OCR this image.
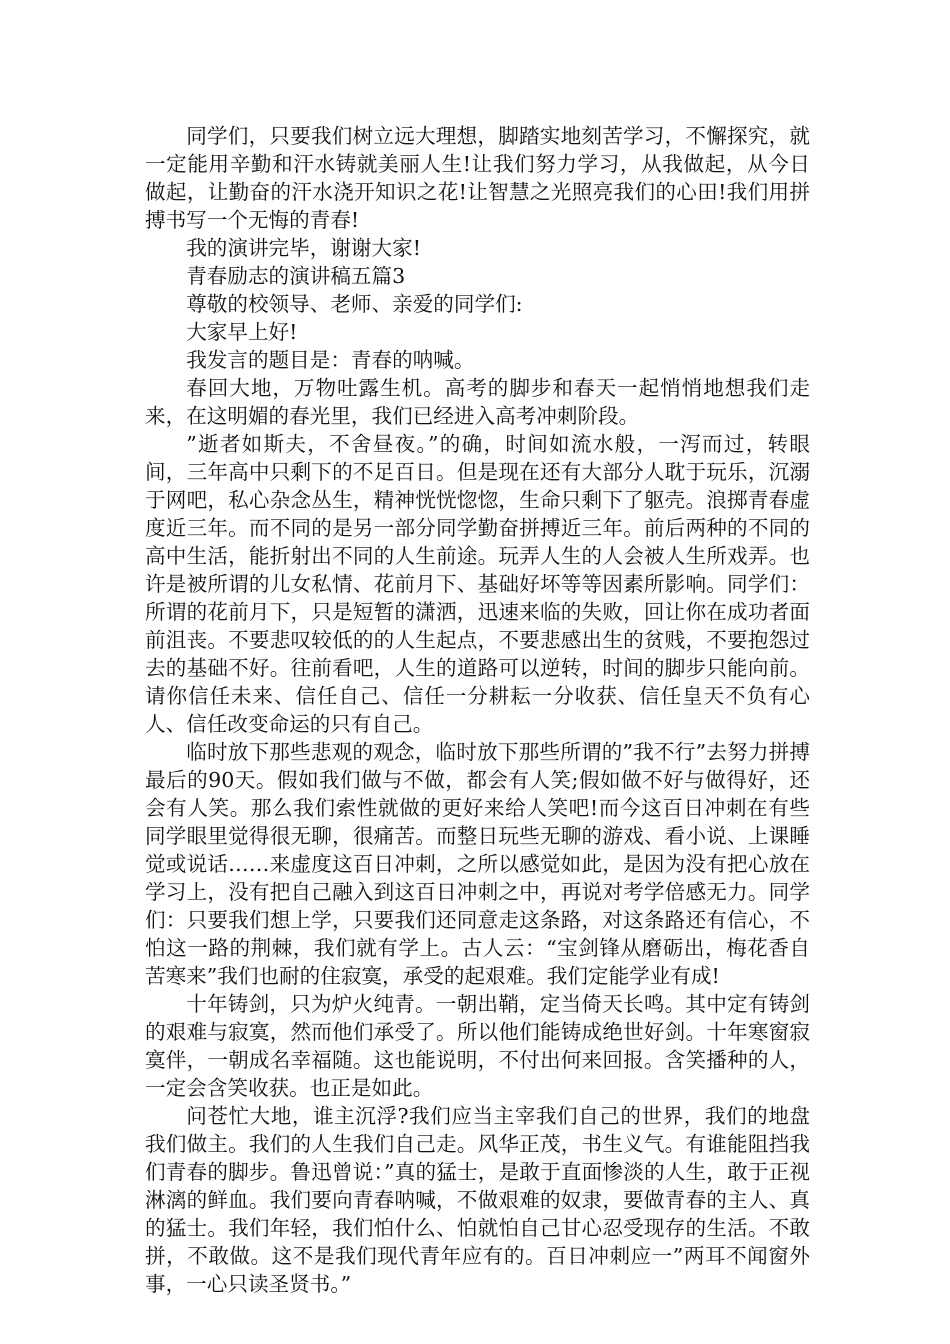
同学们，只要我们树立远大理想，脚踏实地刻苦学习，不懈探究，就一定能用辛勤和汗水铸就美丽人生!让我们努力学习，从我做起，从今日做起，让勤奋的汗水浇开知识之花!让智慧之光照亮我们的心田!我们用拼搏书写一个无悔的青春!

我的演讲完毕，谢谢大家!

青春励志的演讲稿五篇3

尊敬的校领导、老师、亲爱的同学们:

大家早上好!

我发言的题目是：青春的呐喊。

春回大地，万物吐露生机。高考的脚步和春天一起悄悄地想我们走来，在这明媚的春光里，我们已经进入高考冲刺阶段。

”逝者如斯夫，不舍昼夜。”的确，时间如流水般，一泻而过，转眼间，三年高中只剩下的不足百日。但是现在还有大部分人耽于玩乐，沉溺于网吧，私心杂念丛生，精神恍恍惚惚，生命只剩下了躯壳。浪掷青春虚度近三年。而不同的是另一部分同学勤奋拼搏近三年。前后两种的不同的高中生活，能折射出不同的人生前途。玩弄人生的人会被人生所戏弄。也许是被所谓的儿女私情、花前月下、基础好坏等等因素所影响。同学们：所谓的花前月下，只是短暂的潇洒，迅速来临的失败，回让你在成功者面前沮丧。不要悲叹较低的的人生起点，不要悲感出生的贫贱，不要抱怨过去的基础不好。往前看吧，人生的道路可以逆转，时间的脚步只能向前。请你信任未来、信任自己、信任一分耕耘一分收获、信任皇天不负有心人、信任改变命运的只有自己。

临时放下那些悲观的观念，临时放下那些所谓的”我不行”去努力拼搏最后的90天。假如我们做与不做，都会有人笑;假如做不好与做得好，还会有人笑。那么我们索性就做的更好来给人笑吧!而今这百日冲刺在有些同学眼里觉得很无聊，很痛苦。而整日玩些无聊的游戏、看小说、上课睡觉或说话……来虚度这百日冲刺，之所以感觉如此，是因为没有把心放在学习上，没有把自己融入到这百日冲刺之中，再说对考学倍感无力。同学们：只要我们想上学，只要我们还同意走这条路，对这条路还有信心，不怕这一路的荆棘，我们就有学上。古人云：“宝剑锋从磨砺出，梅花香自苦寒来”我们也耐的住寂寞，承受的起艰难。我们定能学业有成!

十年铸剑，只为炉火纯青。一朝出鞘，定当倚天长鸣。其中定有铸剑的艰难与寂寞，然而他们承受了。所以他们能铸成绝世好剑。十年寒窗寂寞伴，一朝成名幸福随。这也能说明，不付出何来回报。含笑播种的人，一定会含笑收获。也正是如此。

问苍忙大地，谁主沉浮?我们应当主宰我们自己的世界，我们的地盘我们做主。我们的人生我们自己走。风华正茂，书生义气。有谁能阻挡我们青春的脚步。鲁迅曾说：”真的猛士，是敢于直面惨淡的人生，敢于正视淋漓的鲜血。我们要向青春呐喊，不做艰难的奴隶，要做青春的主人、真的猛士。我们年轻，我们怕什么、怕就怕自己甘心忍受现存的生活。不敢拼，不敢做。这不是我们现代青年应有的。百日冲刺应一”两耳不闻窗外事，一心只读圣贤书。”
